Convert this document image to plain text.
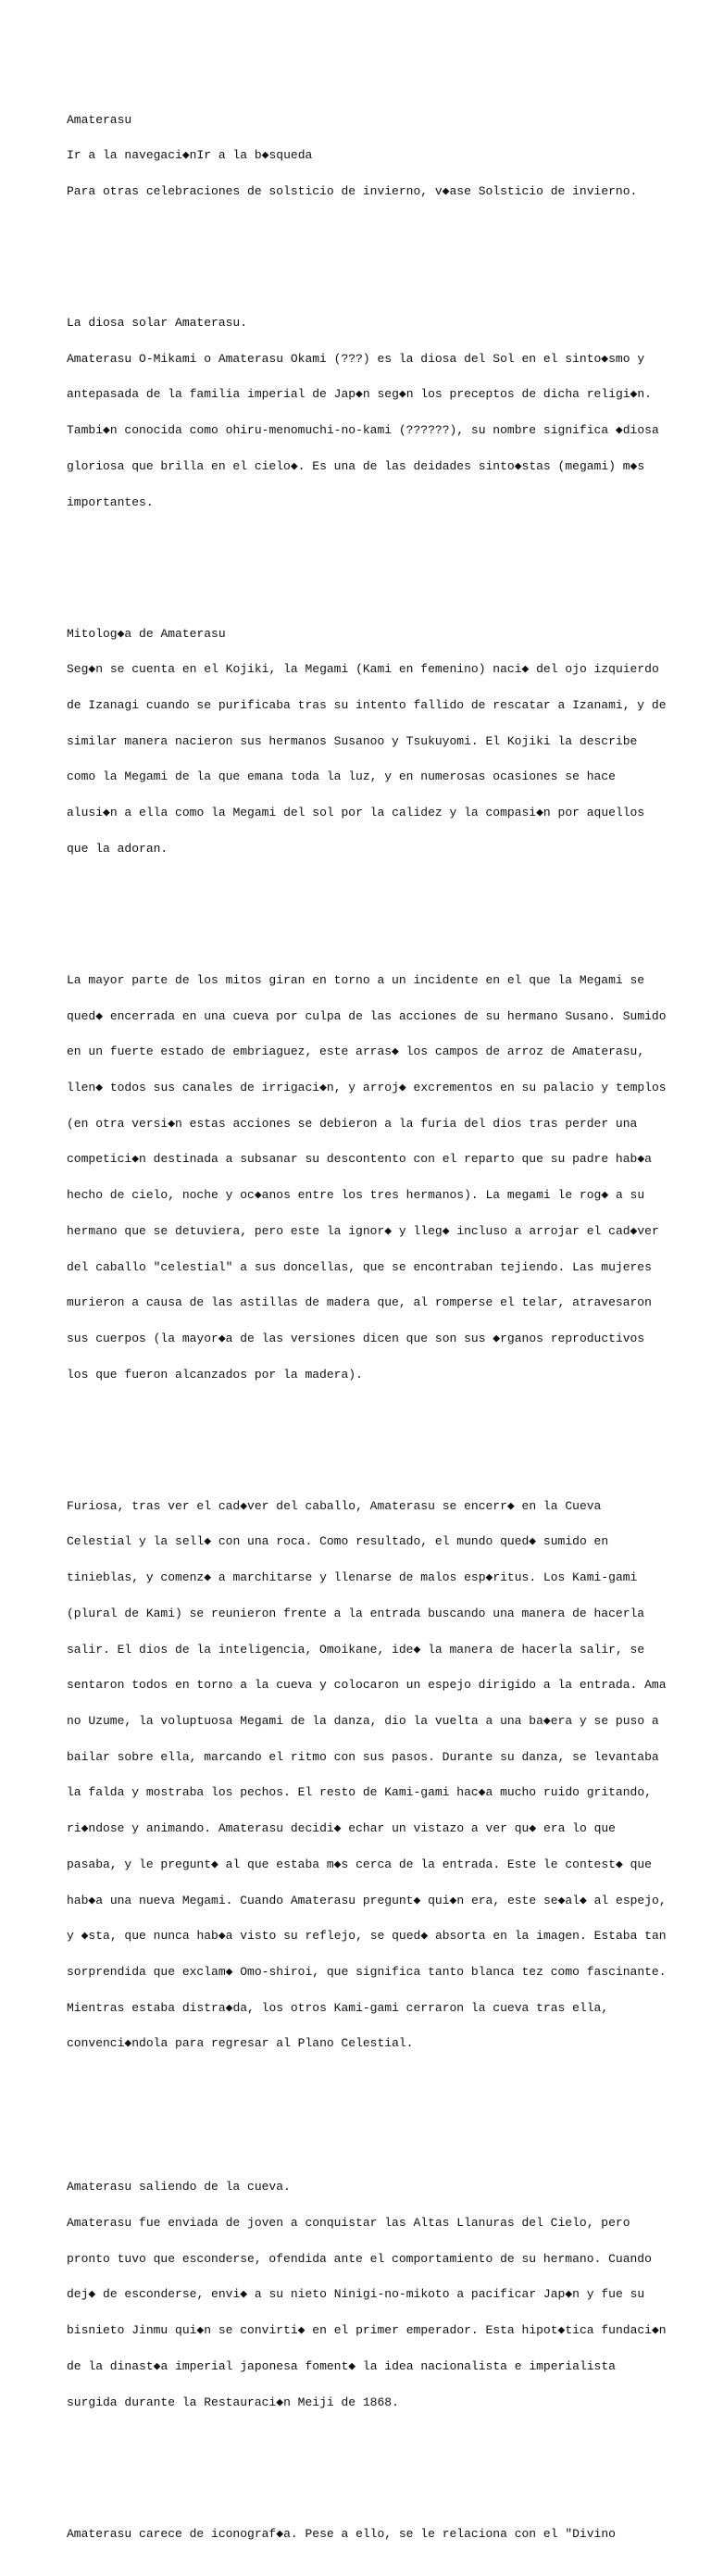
Amaterasu

Ir a la navegaci◆nIr a la b◆squeda

Para otras celebraciones de solsticio de invierno, v◆ase Solsticio de invierno.

La diosa solar Amaterasu.

Amaterasu O-Mikami o Amaterasu Okami (???) es la diosa del Sol en el sinto◆smo y

antepasada de la familia imperial de Jap◆n seg◆n los preceptos de dicha religi◆n.

Tambi◆n conocida como ohiru-menomuchi-no-kami (??????), su nombre significa ◆diosa

gloriosa que brilla en el cielo◆. Es una de las deidades sinto◆stas (megami) m◆s

importantes.

Mitolog◆a de Amaterasu

Seg◆n se cuenta en el Kojiki, la Megami (Kami en femenino) naci◆ del ojo izquierdo

de Izanagi cuando se purificaba tras su intento fallido de rescatar a Izanami, y de

similar manera nacieron sus hermanos Susanoo y Tsukuyomi. El Kojiki la describe

como la Megami de la que emana toda la luz, y en numerosas ocasiones se hace

alusi◆n a ella como la Megami del sol por la calidez y la compasi◆n por aquellos

que la adoran.

La mayor parte de los mitos giran en torno a un incidente en el que la Megami se

qued◆ encerrada en una cueva por culpa de las acciones de su hermano Susano. Sumido

en un fuerte estado de embriaguez, este arras◆ los campos de arroz de Amaterasu,

llen◆ todos sus canales de irrigaci◆n, y arroj◆ excrementos en su palacio y templos

(en otra versi◆n estas acciones se debieron a la furia del dios tras perder una

competici◆n destinada a subsanar su descontento con el reparto que su padre hab◆a

hecho de cielo, noche y oc◆anos entre los tres hermanos). La megami le rog◆ a su

hermano que se detuviera, pero este la ignor◆ y lleg◆ incluso a arrojar el cad◆ver

del caballo "celestial" a sus doncellas, que se encontraban tejiendo. Las mujeres

murieron a causa de las astillas de madera que, al romperse el telar, atravesaron

sus cuerpos (la mayor◆a de las versiones dicen que son sus ◆rganos reproductivos

los que fueron alcanzados por la madera).

Furiosa, tras ver el cad◆ver del caballo, Amaterasu se encerr◆ en la Cueva

Celestial y la sell◆ con una roca. Como resultado, el mundo qued◆ sumido en

tinieblas, y comenz◆ a marchitarse y llenarse de malos esp◆ritus. Los Kami-gami

(plural de Kami) se reunieron frente a la entrada buscando una manera de hacerla

salir. El dios de la inteligencia, Omoikane, ide◆ la manera de hacerla salir, se

sentaron todos en torno a la cueva y colocaron un espejo dirigido a la entrada. Ama

no Uzume, la voluptuosa Megami de la danza, dio la vuelta a una ba◆era y se puso a

bailar sobre ella, marcando el ritmo con sus pasos. Durante su danza, se levantaba

la falda y mostraba los pechos. El resto de Kami-gami hac◆a mucho ruido gritando,

ri◆ndose y animando. Amaterasu decidi◆ echar un vistazo a ver qu◆ era lo que

pasaba, y le pregunt◆ al que estaba m◆s cerca de la entrada. Este le contest◆ que

hab◆a una nueva Megami. Cuando Amaterasu pregunt◆ qui◆n era, este se◆al◆ al espejo,

y ◆sta, que nunca hab◆a visto su reflejo, se qued◆ absorta en la imagen. Estaba tan

sorprendida que exclam◆ Omo-shiroi, que significa tanto blanca tez como fascinante.

Mientras estaba distra◆da, los otros Kami-gami cerraron la cueva tras ella,

convenci◆ndola para regresar al Plano Celestial.

Amaterasu saliendo de la cueva.

Amaterasu fue enviada de joven a conquistar las Altas Llanuras del Cielo, pero

pronto tuvo que esconderse, ofendida ante el comportamiento de su hermano. Cuando

dej◆ de esconderse, envi◆ a su nieto Ninigi-no-mikoto a pacificar Jap◆n y fue su

bisnieto Jinmu qui◆n se convirti◆ en el primer emperador. Esta hipot◆tica fundaci◆n

de la dinast◆a imperial japonesa foment◆ la idea nacionalista e imperialista

surgida durante la Restauraci◆n Meiji de 1868.

Amaterasu carece de iconograf◆a. Pese a ello, se le relaciona con el "Divino
